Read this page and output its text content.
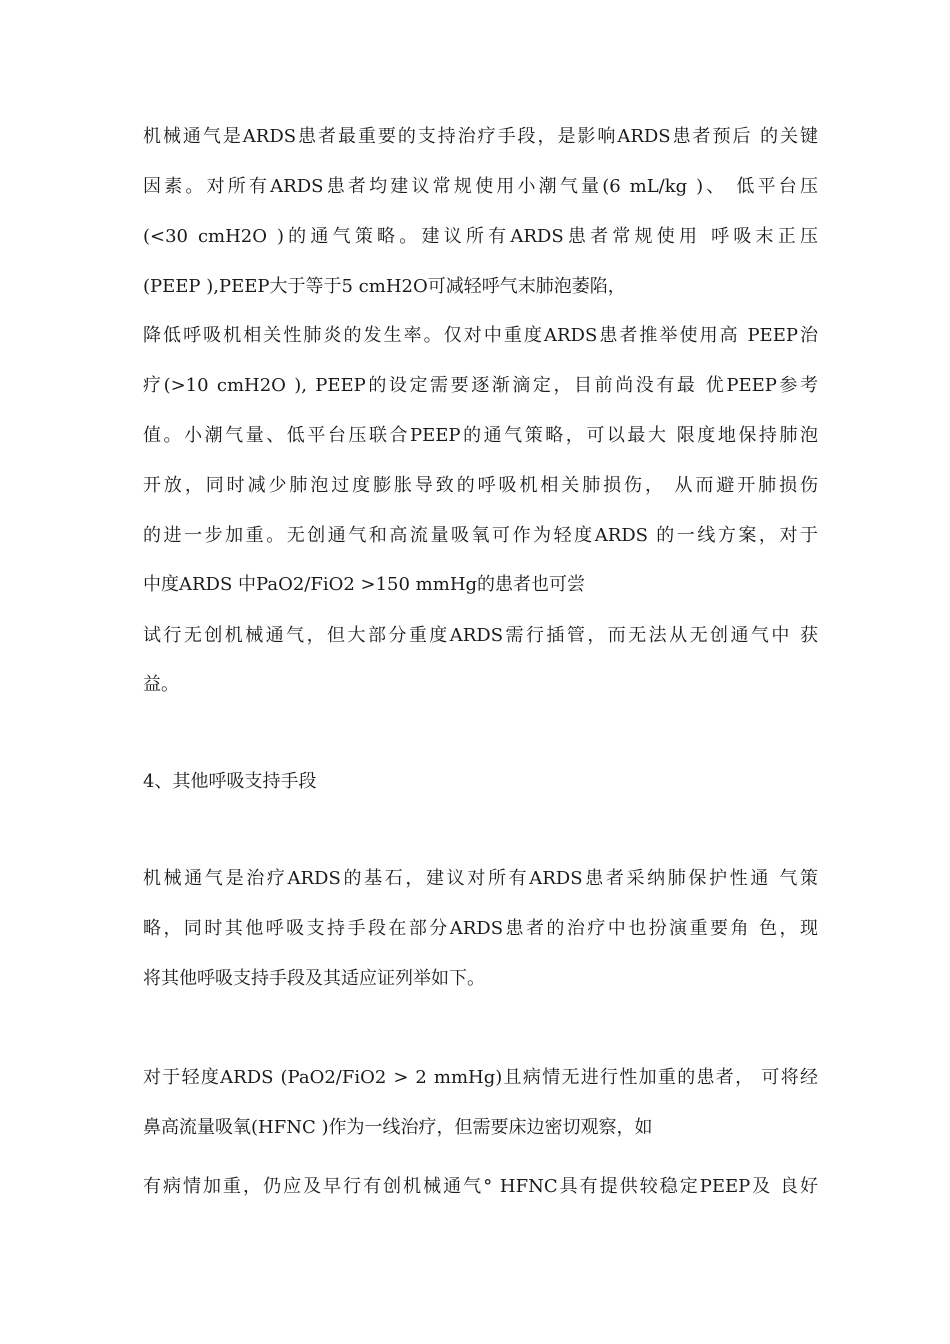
机械通气是ARDS患者最重要的支持治疗手段，是影响ARDS患者预后 的关键
因素。对所有ARDS患者均建议常规使用小潮气量(6 mL/kg )、 低平台压
(<30 cmH2O )的通气策略。建议所有ARDS患者常规使用 呼吸末正压
(PEEP ),PEEP大于等于5 cmH2O可减轻呼气末肺泡萎陷，
降低呼吸机相关性肺炎的发生率。仅对中重度ARDS患者推举使用高 PEEP治
疗(>10 cmH2O ), PEEP的设定需要逐渐滴定，目前尚没有最 优PEEP参考
值。小潮气量、低平台压联合PEEP的通气策略，可以最大 限度地保持肺泡
开放，同时减少肺泡过度膨胀导致的呼吸机相关肺损伤， 从而避开肺损伤
的进一步加重。无创通气和高流量吸氧可作为轻度ARDS 的一线方案，对于
中度ARDS 中PaO2/FiO2 >150 mmHg的患者也可尝
试行无创机械通气，但大部分重度ARDS需行插管，而无法从无创通气中 获
益。
4、其他呼吸支持手段
机械通气是治疗ARDS的基石，建议对所有ARDS患者采纳肺保护性通 气策
略，同时其他呼吸支持手段在部分ARDS患者的治疗中也扮演重要角 色，现
将其他呼吸支持手段及其适应证列举如下。
对于轻度ARDS (PaO2/FiO2 > 2 mmHg)且病情无进行性加重的患者， 可将经
鼻高流量吸氧(HFNC )作为一线治疗，但需要床边密切观察，如
有病情加重，仍应及早行有创机械通气° HFNC具有提供较稳定PEEP及 良好
